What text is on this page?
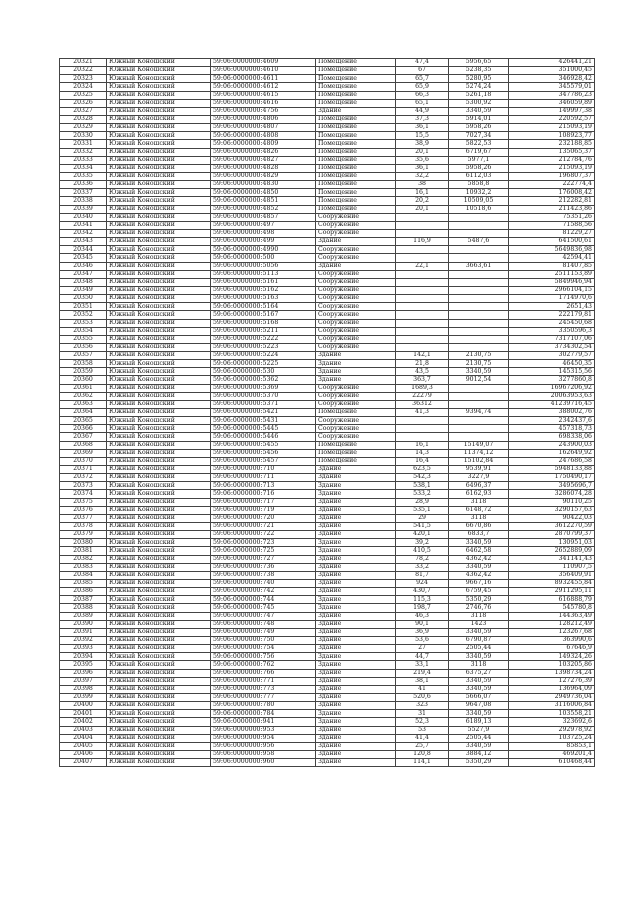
20321	Южный Коношский	59:06:0000000:4609	Помещение	47,4	5956,65	426441,21
20322	Южный Коношский	59:06:0000000:4610	Помещение	67	5238,35	351000,45
20323	Южный Коношский	59:06:0000000:4611	Помещение	65,7	5280,95	346928,42
20324	Южный Коношский	59:06:0000000:4612	Помещение	65,9	5274,24	345579,01
20325	Южный Коношский	59:06:0000000:4615	Помещение	66,3	5261,18	347786,23
20326	Южный Коношский	59:06:0000000:4616	Помещение	65,1	5300,92	346059,89
20327	Южный Коношский	59:06:0000000:4756	Здание	44,9	3340,59	149997,38
20328	Южный Коношский	59:06:0000000:4806	Помещение	37,3	5914,01	220592,57
20329	Южный Коношский	59:06:0000000:4807	Помещение	36,1	5958,26	215093,19
20330	Южный Коношский	59:06:0000000:4808	Помещение	15,5	7027,34	108923,77
20331	Южный Коношский	59:06:0000000:4809	Помещение	38,9	5822,53	232188,85
20332	Южный Коношский	59:06:0000000:4826	Помещение	20,1	6719,67	135065,37
20333	Южный Коношский	59:06:0000000:4827	Помещение	35,6	5977,1	212784,76
20334	Южный Коношский	59:06:0000000:4828	Помещение	36,1	5958,26	215093,19
20335	Южный Коношский	59:06:0000000:4829	Помещение	32,2	6112,03	196807,37
20336	Южный Коношский	59:06:0000000:4830	Помещение	38	5858,8	222774,4
20337	Южный Коношский	59:06:0000000:4850	Помещение	16,1	10932,2	176008,42
20338	Южный Коношский	59:06:0000000:4851	Помещение	20,2	10509,05	212282,81
20339	Южный Коношский	59:06:0000000:4852	Помещение	20,1	10518,6	211423,86
20340	Южный Коношский	59:06:0000000:4857	Сооружение			75351,26
20341	Южный Коношский	59:06:0000000:497	Сооружение			71588,56
20342	Южный Коношский	59:06:0000000:498	Сооружение			81229,27
20343	Южный Коношский	59:06:0000000:499	Здание	116,9	5487,6	641500,61
20344	Южный Коношский	59:06:0000000:4990	Сооружение			5649836,98
20345	Южный Коношский	59:06:0000000:500	Сооружение			42594,41
20346	Южный Коношский	59:06:0000000:5056	Здание	22,1	3663,61	81407,85
20347	Южный Коношский	59:06:0000000:5113	Сооружение			2511153,89
20348	Южный Коношский	59:06:0000000:5161	Сооружение			5849946,94
20349	Южный Коношский	59:06:0000000:5162	Сооружение			2966104,15
20350	Южный Коношский	59:06:0000000:5163	Сооружение			1714970,6
20351	Южный Коношский	59:06:0000000:5164	Сооружение			2651,43
20352	Южный Коношский	59:06:0000000:5167	Сооружение			222179,81
20353	Южный Коношский	59:06:0000000:5168	Сооружение			245450,68
20354	Южный Коношский	59:06:0000000:5211	Сооружение			3350596,3
20355	Южный Коношский	59:06:0000000:5222	Сооружение			7317107,06
20356	Южный Коношский	59:06:0000000:5223	Сооружение			3734302,54
20357	Южный Коношский	59:06:0000000:5224	Здание	142,1	2130,75	302779,57
20358	Южный Коношский	59:06:0000000:5225	Здание	21,8	2130,75	46450,35
20359	Южный Коношский	59:06:0000000:530	Здание	43,5	3340,59	145315,56
20360	Южный Коношский	59:06:0000000:5362	Здание	363,7	9012,54	3277860,8
20361	Южный Коношский	59:06:0000000:5369	Сооружение	1689,3		16967206,92
20362	Южный Коношский	59:06:0000000:5370	Сооружение	22279		20063953,63
20363	Южный Коношский	59:06:0000000:5371	Сооружение	36312		41239716,45
20364	Южный Коношский	59:06:0000000:5421	Помещение	41,3	9394,74	388002,76
20365	Южный Коношский	59:06:0000000:5431	Сооружение			2342437,6
20366	Южный Коношский	59:06:0000000:5445	Сооружение			457318,73
20367	Южный Коношский	59:06:0000000:5446	Сооружение			698338,06
20368	Южный Коношский	59:06:0000000:5455	Помещение	16,1	15149,07	243900,03
20369	Южный Коношский	59:06:0000000:5456	Помещение	14,3	11374,12	162649,92
20370	Южный Коношский	59:06:0000000:5457	Помещение	16,4	15102,84	247686,58
20371	Южный Коношский	59:06:0000000:710	Здание	623,5	9539,91	5948133,88
20372	Южный Коношский	59:06:0000000:711	Здание	542,3	3227,9	1750490,17
20373	Южный Коношский	59:06:0000000:713	Здание	538,1	6496,37	3495696,7
20374	Южный Коношский	59:06:0000000:716	Здание	533,2	6162,93	3286074,28
20375	Южный Коношский	59:06:0000000:717	Здание	28,9	3118	90110,25
20376	Южный Коношский	59:06:0000000:719	Здание	535,1	6148,72	3290157,63
20377	Южный Коношский	59:06:0000000:720	Здание	29	3118	90422,03
20378	Южный Коношский	59:06:0000000:721	Здание	541,5	6670,86	3612270,59
20379	Южный Коношский	59:06:0000000:722	Здание	420,1	6833,7	2870799,37
20380	Южный Коношский	59:06:0000000:723	Здание	39,2	3340,59	130951,03
20381	Южный Коношский	59:06:0000000:725	Здание	410,5	6462,58	2652889,09
20382	Южный Коношский	59:06:0000000:727	Здание	78,2	4362,42	341141,43
20383	Южный Коношский	59:06:0000000:736	Здание	33,2	3340,59	110907,5
20384	Южный Коношский	59:06:0000000:738	Здание	81,7	4362,42	356409,91
20385	Южный Коношский	59:06:0000000:740	Здание	924	9667,16	8932455,84
20386	Южный Коношский	59:06:0000000:742	Здание	430,7	6759,45	2911295,11
20387	Южный Коношский	59:06:0000000:744	Здание	115,3	5350,29	616888,79
20388	Южный Коношский	59:06:0000000:745	Здание	198,7	2746,76	545780,8
20389	Южный Коношский	59:06:0000000:747	Здание	46,3	3118	144363,49
20390	Южный Коношский	59:06:0000000:748	Здание	90,1	1423	128212,49
20391	Южный Коношский	59:06:0000000:749	Здание	36,9	3340,59	123267,68
20392	Южный Коношский	59:06:0000000:750	Здание	53,6	6790,87	363990,6
20393	Южный Коношский	59:06:0000000:754	Здание	27	2505,44	67646,9
20394	Южный Коношский	59:06:0000000:756	Здание	44,7	3340,59	149324,26
20395	Южный Коношский	59:06:0000000:762	Здание	33,1	3118	103205,86
20396	Южный Коношский	59:06:0000000:766	Здание	219,4	6375,27	1398734,24
20397	Южный Коношский	59:06:0000000:771	Здание	38,1	3340,59	127276,39
20398	Южный Коношский	59:06:0000000:773	Здание	41	3340,59	136964,09
20399	Южный Коношский	59:06:0000000:777	Здание	520,6	5666,07	2949736,04
20400	Южный Коношский	59:06:0000000:780	Здание	323	9647,08	3116006,84
20401	Южный Коношский	59:06:0000000:784	Здание	31	3340,59	103558,21
20402	Южный Коношский	59:06:0000000:941	Здание	52,3	6189,13	323692,6
20403	Южный Коношский	59:06:0000000:953	Здание	53	5527,9	292978,92
20404	Южный Коношский	59:06:0000000:954	Здание	41,4	2505,44	103725,24
20405	Южный Коношский	59:06:0000000:956	Здание	25,7	3340,59	85853,1
20406	Южный Коношский	59:06:0000000:958	Здание	120,8	3884,12	469201,4
20407	Южный Коношский	59:06:0000000:960	Здание	114,1	5350,29	610468,44
